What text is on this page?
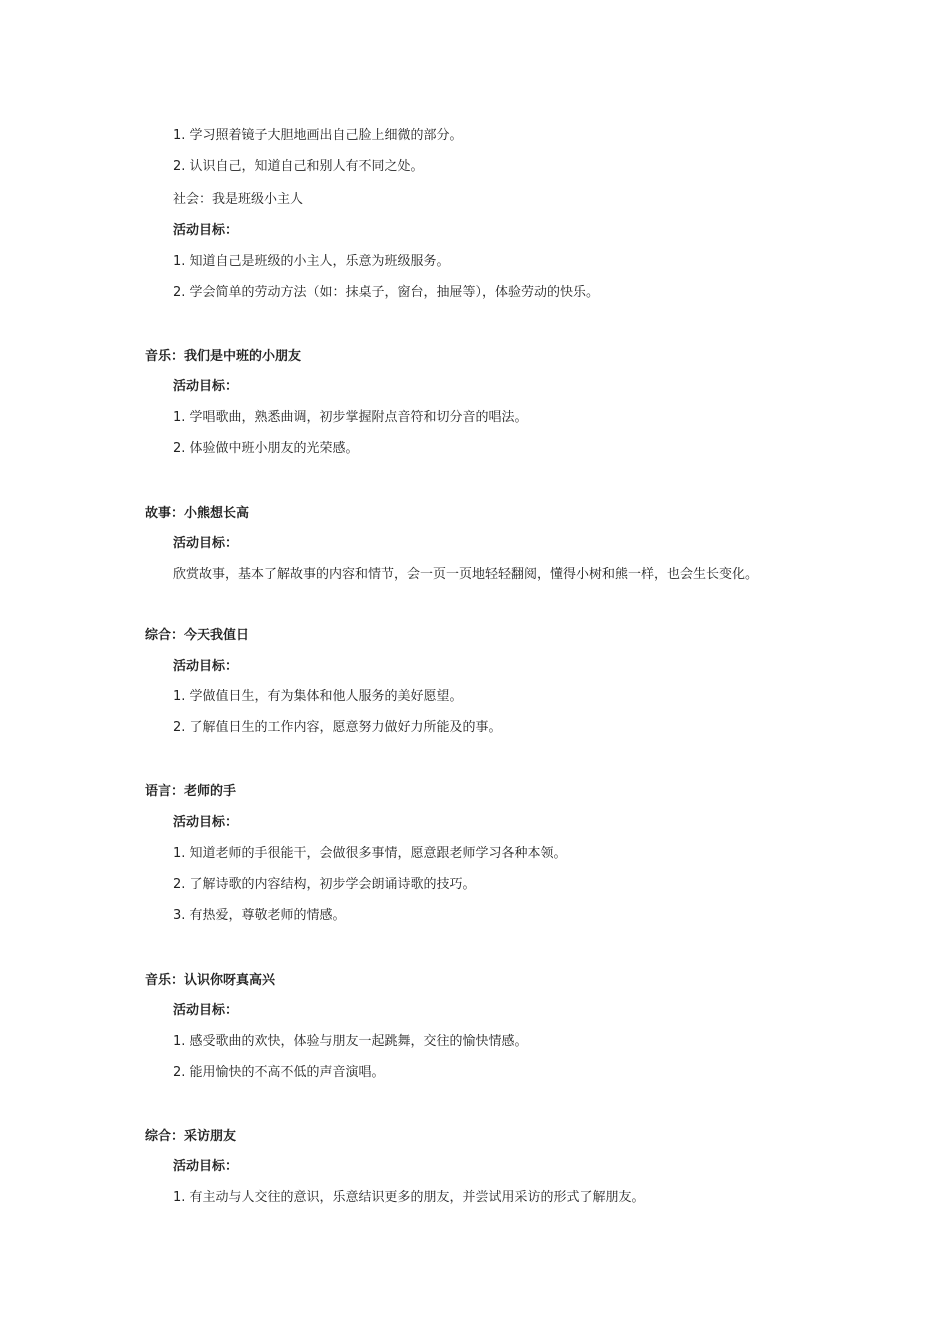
1. 学习照着镜子大胆地画出自己脸上细微的部分。
2. 认识自己，知道自己和别人有不同之处。
社会：我是班级小主人
活动目标：
1. 知道自己是班级的小主人，乐意为班级服务。
2. 学会简单的劳动方法（如：抹桌子，窗台，抽屉等），体验劳动的快乐。
音乐：我们是中班的小朋友
活动目标：
1. 学唱歌曲，熟悉曲调，初步掌握附点音符和切分音的唱法。
2. 体验做中班小朋友的光荣感。
故事：小熊想长高
活动目标：
欣赏故事，基本了解故事的内容和情节，会一页一页地轻轻翻阅，懂得小树和熊一样，也会生长变化。
综合：今天我值日
活动目标：
1. 学做值日生，有为集体和他人服务的美好愿望。
2. 了解值日生的工作内容，愿意努力做好力所能及的事。
语言：老师的手
活动目标：
1. 知道老师的手很能干，会做很多事情，愿意跟老师学习各种本领。
2. 了解诗歌的内容结构，初步学会朗诵诗歌的技巧。
3. 有热爱，尊敬老师的情感。
音乐：认识你呀真高兴
活动目标：
1. 感受歌曲的欢快，体验与朋友一起跳舞，交往的愉快情感。
2. 能用愉快的不高不低的声音演唱。
综合：采访朋友
活动目标：
1. 有主动与人交往的意识，乐意结识更多的朋友，并尝试用采访的形式了解朋友。
